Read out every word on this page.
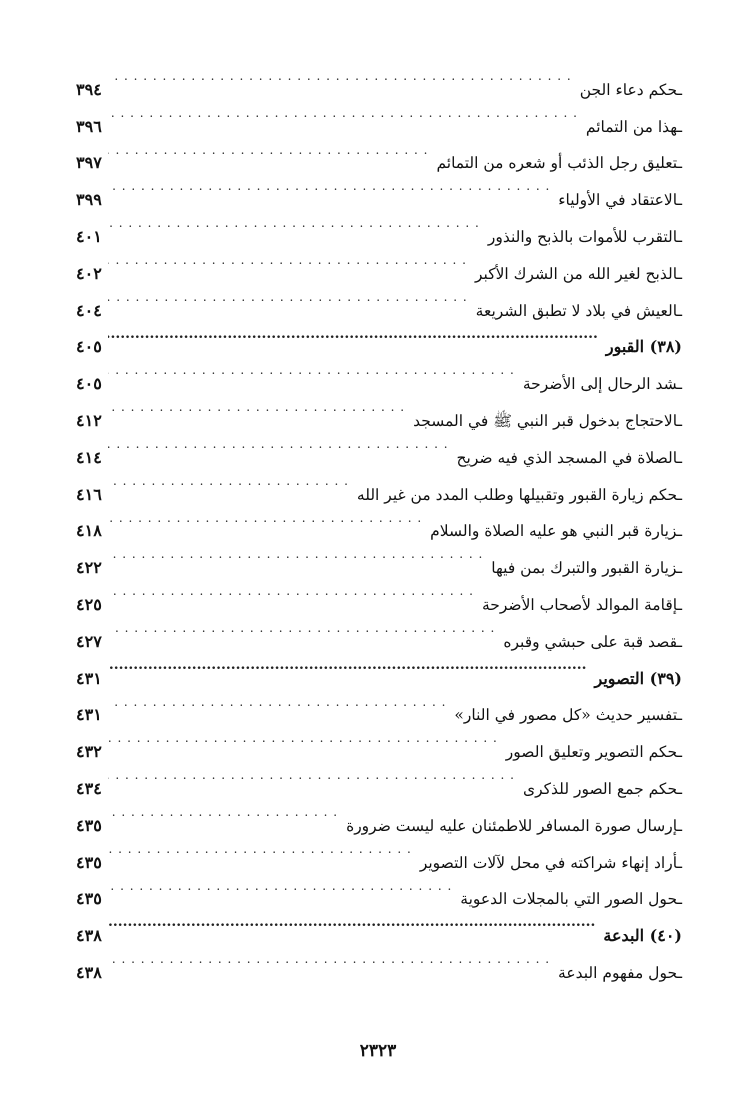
ـحكم دعاء الجن
. . .
٣٩٤
ـهذا من التمائم
. . .
٣٩٦
ـتعليق رجل الذئب أو شعره من التمائم
. . .
٣٩٧
ـالاعتقاد في الأولياء
. . .
٣٩٩
ـالتقرب للأموات بالذبح والنذور
. . .
٤٠١
ـالذبح لغير الله من الشرك الأكبر
. . .
٤٠٢
ـالعيش في بلاد لا تطبق الشريعة
. . .
٤٠٤
(٣٨) القبور
.....
٤٠٥
ـشد الرحال إلى الأضرحة
. . .
٤٠٥
ـالاحتجاج بدخول قبر النبي ﷺ في المسجد
. . .
٤١٢
ـالصلاة في المسجد الذي فيه ضريح
. . .
٤١٤
ـحكم زيارة القبور وتقبيلها وطلب المدد من غير الله
. . .
٤١٦
ـزيارة قبر النبي هو عليه الصلاة والسلام
. . .
٤١٨
ـزيارة القبور والتبرك بمن فيها
. . .
٤٢٢
ـإقامة الموالد لأصحاب الأضرحة
. . .
٤٢٥
ـقصد قبة على حبشي وقبره
. . .
٤٢٧
(٣٩) التصوير
.....
٤٣١
ـتفسير حديث «كل مصور في النار»
. . .
٤٣١
ـحكم التصوير وتعليق الصور
. . .
٤٣٢
ـحكم جمع الصور للذكرى
. . .
٤٣٤
ـإرسال صورة المسافر للاطمئنان عليه ليست ضرورة
. . .
٤٣٥
ـأراد إنهاء شراكته في محل لآلات التصوير
. . .
٤٣٥
ـحول الصور التي بالمجلات الدعوية
. . .
٤٣٥
(٤٠) البدعة
.....
٤٣٨
ـحول مفهوم البدعة
. . .
٤٣٨
٢٣٢٣
